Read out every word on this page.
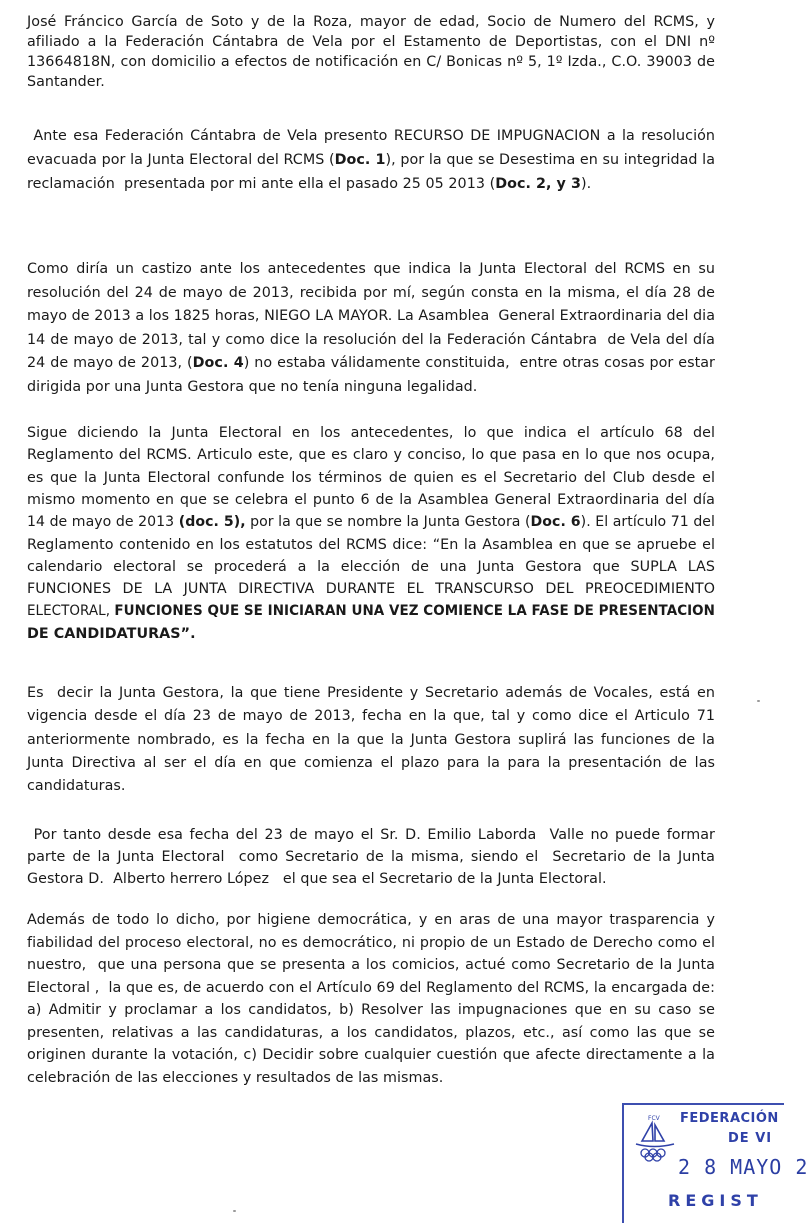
José Fráncico García de Soto y de la Roza, mayor de edad, Socio de Numero del RCMS, y
afiliado a la Federación Cántabra de Vela por el Estamento de Deportistas, con el DNI nº
13664818N, con domicilio a efectos de notificación en C/ Bonicas nº 5, 1º Izda., C.O. 39003 de
Santander.
Ante esa Federación Cántabra de Vela presento RECURSO DE IMPUGNACION a la resolución
evacuada por la Junta Electoral del RCMS (Doc. 1), por la que se Desestima en su integridad la
reclamación  presentada por mi ante ella el pasado 25 05 2013 (Doc. 2, y 3).
Como diría un castizo ante los antecedentes que indica la Junta Electoral del RCMS en su
resolución del 24 de mayo de 2013, recibida por mí, según consta en la misma, el día 28 de
mayo de 2013 a los 1825 horas, NIEGO LA MAYOR. La Asamblea  General Extraordinaria del dia
14 de mayo de 2013, tal y como dice la resolución del la Federación Cántabra  de Vela del día
24 de mayo de 2013, (Doc. 4) no estaba válidamente constituida,  entre otras cosas por estar
dirigida por una Junta Gestora que no tenía ninguna legalidad.
Sigue diciendo la Junta Electoral en los antecedentes, lo que indica el artículo 68 del
Reglamento del RCMS. Articulo este, que es claro y conciso, lo que pasa en lo que nos ocupa,
es que la Junta Electoral confunde los términos de quien es el Secretario del Club desde el
mismo momento en que se celebra el punto 6 de la Asamblea General Extraordinaria del día
14 de mayo de 2013 (doc. 5), por la que se nombre la Junta Gestora (Doc. 6). El artículo 71 del
Reglamento contenido en los estatutos del RCMS dice: “En la Asamblea en que se apruebe el
calendario electoral se procederá a la elección de una Junta Gestora que SUPLA LAS
FUNCIONES DE LA JUNTA DIRECTIVA DURANTE EL TRANSCURSO DEL PREOCEDIMIENTO
ELECTORAL, FUNCIONES QUE SE INICIARAN UNA VEZ COMIENCE LA FASE DE PRESENTACION
DE CANDIDATURAS”.
Es  decir la Junta Gestora, la que tiene Presidente y Secretario además de Vocales, está en
vigencia desde el día 23 de mayo de 2013, fecha en la que, tal y como dice el Articulo 71
anteriormente nombrado, es la fecha en la que la Junta Gestora suplirá las funciones de la
Junta Directiva al ser el día en que comienza el plazo para la para la presentación de las
candidaturas.
Por tanto desde esa fecha del 23 de mayo el Sr. D. Emilio Laborda  Valle no puede formar
parte de la Junta Electoral  como Secretario de la misma, siendo el  Secretario de la Junta
Gestora D.  Alberto herrero López   el que sea el Secretario de la Junta Electoral.
Además de todo lo dicho, por higiene democrática, y en aras de una mayor trasparencia y
fiabilidad del proceso electoral, no es democrático, ni propio de un Estado de Derecho como el
nuestro,  que una persona que se presenta a los comicios, actué como Secretario de la Junta
Electoral ,  la que es, de acuerdo con el Artículo 69 del Reglamento del RCMS, la encargada de:
a) Admitir y proclamar a los candidatos, b) Resolver las impugnaciones que en su caso se
presenten, relativas a las candidaturas, a los candidatos, plazos, etc., así como las que se
originen durante la votación, c) Decidir sobre cualquier cuestión que afecte directamente a la
celebración de las elecciones y resultados de las mismas.
FCV FEDERACIÓN
DE VI
2 8 MAYO 2
REGIST
